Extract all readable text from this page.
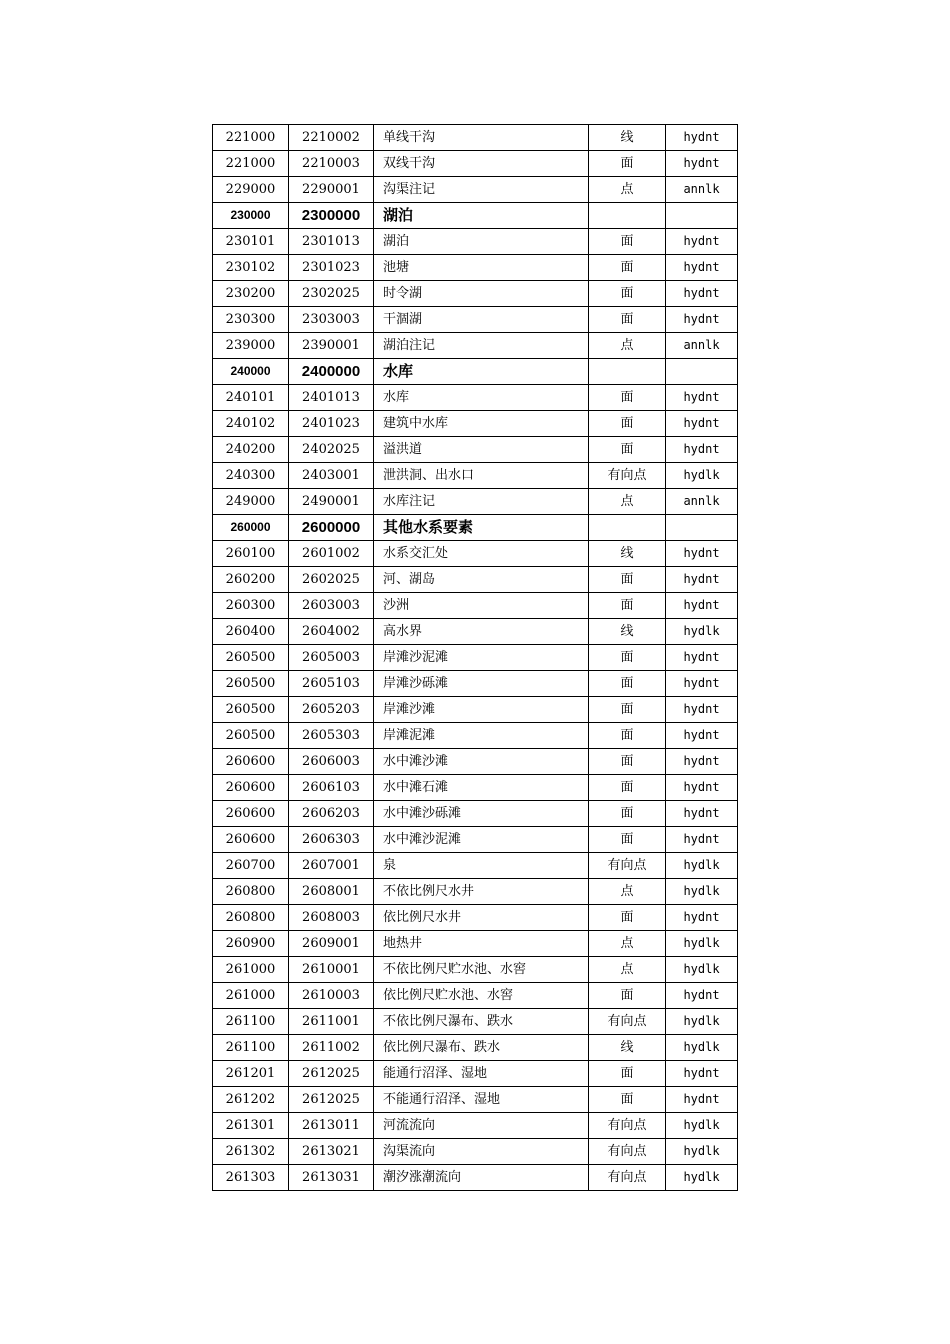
221000	2210002	单线干沟	线	hydnt
221000	2210003	双线干沟	面	hydnt
229000	2290001	沟渠注记	点	annlk
230000	2300000	湖泊		
230101	2301013	湖泊	面	hydnt
230102	2301023	池塘	面	hydnt
230200	2302025	时令湖	面	hydnt
230300	2303003	干涸湖	面	hydnt
239000	2390001	湖泊注记	点	annlk
240000	2400000	水库		
240101	2401013	水库	面	hydnt
240102	2401023	建筑中水库	面	hydnt
240200	2402025	溢洪道	面	hydnt
240300	2403001	泄洪洞、出水口	有向点	hydlk
249000	2490001	水库注记	点	annlk
260000	2600000	其他水系要素		
260100	2601002	水系交汇处	线	hydnt
260200	2602025	河、湖岛	面	hydnt
260300	2603003	沙洲	面	hydnt
260400	2604002	高水界	线	hydlk
260500	2605003	岸滩沙泥滩	面	hydnt
260500	2605103	岸滩沙砾滩	面	hydnt
260500	2605203	岸滩沙滩	面	hydnt
260500	2605303	岸滩泥滩	面	hydnt
260600	2606003	水中滩沙滩	面	hydnt
260600	2606103	水中滩石滩	面	hydnt
260600	2606203	水中滩沙砾滩	面	hydnt
260600	2606303	水中滩沙泥滩	面	hydnt
260700	2607001	泉	有向点	hydlk
260800	2608001	不依比例尺水井	点	hydlk
260800	2608003	依比例尺水井	面	hydnt
260900	2609001	地热井	点	hydlk
261000	2610001	不依比例尺贮水池、水窖	点	hydlk
261000	2610003	依比例尺贮水池、水窖	面	hydnt
261100	2611001	不依比例尺瀑布、跌水	有向点	hydlk
261100	2611002	依比例尺瀑布、跌水	线	hydlk
261201	2612025	能通行沼泽、湿地	面	hydnt
261202	2612025	不能通行沼泽、湿地	面	hydnt
261301	2613011	河流流向	有向点	hydlk
261302	2613021	沟渠流向	有向点	hydlk
261303	2613031	潮汐涨潮流向	有向点	hydlk
